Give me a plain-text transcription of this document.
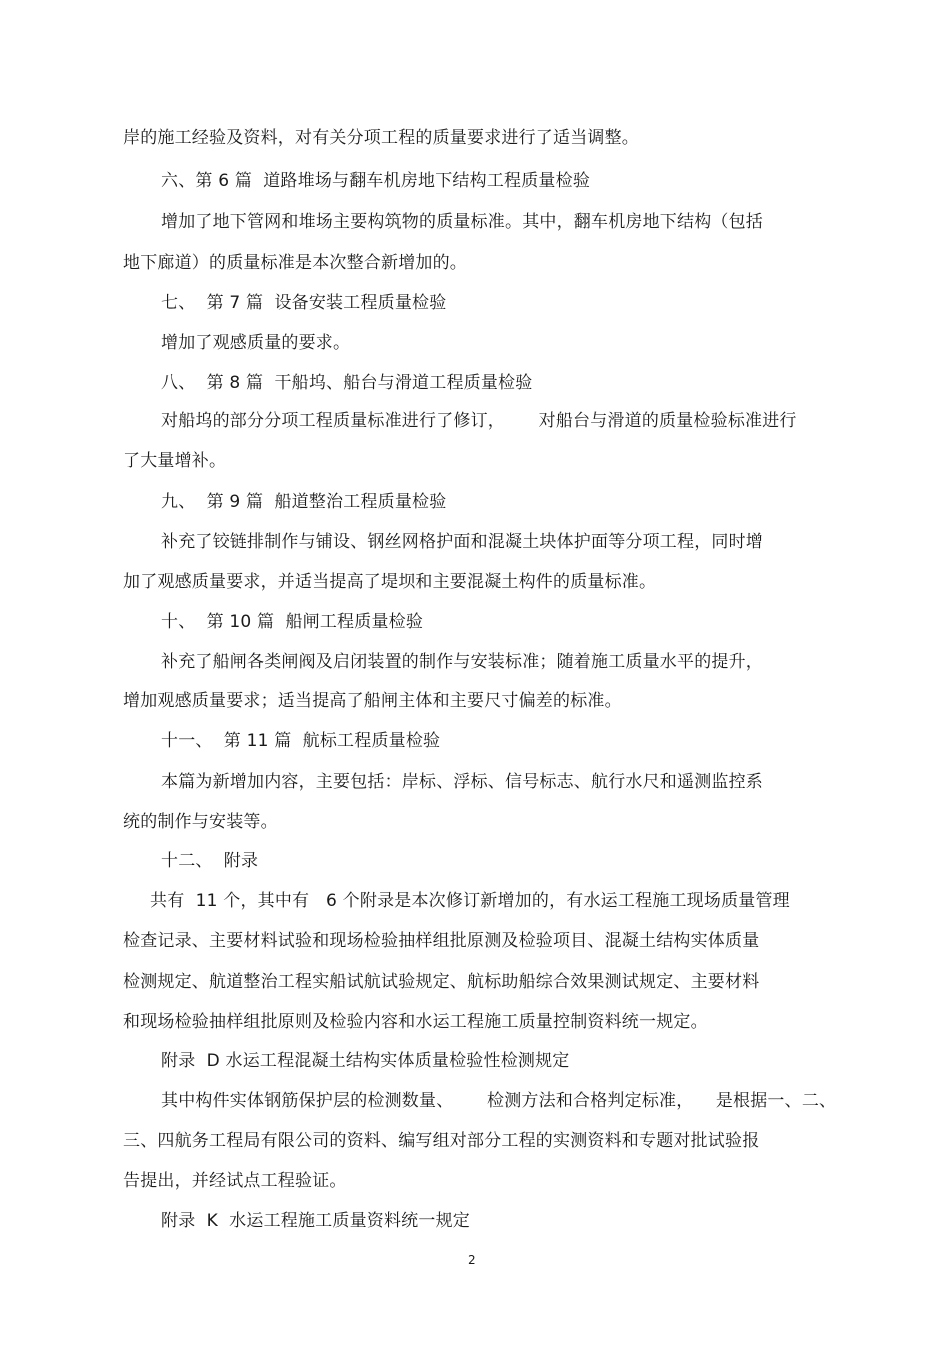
岸的施工经验及资料，对有关分项工程的质量要求进行了适当调整。
六、第 6 篇  道路堆场与翻车机房地下结构工程质量检验
增加了地下管网和堆场主要构筑物的质量标准。其中，翻车机房地下结构（包括
地下廊道）的质量标准是本次整合新增加的。
七、  第 7 篇  设备安装工程质量检验
增加了观感质量的要求。
八、  第 8 篇  干船坞、船台与滑道工程质量检验
对船坞的部分分项工程质量标准进行了修订，      对船台与滑道的质量检验标准进行
了大量增补。
九、  第 9 篇  船道整治工程质量检验
补充了铰链排制作与铺设、钢丝网格护面和混凝土块体护面等分项工程，同时增
加了观感质量要求，并适当提高了堤坝和主要混凝土构件的质量标准。
十、  第 10 篇  船闸工程质量检验
补充了船闸各类闸阀及启闭装置的制作与安装标准；随着施工质量水平的提升，
增加观感质量要求；适当提高了船闸主体和主要尺寸偏差的标准。
十一、  第 11 篇  航标工程质量检验
本篇为新增加内容，主要包括：岸标、浮标、信号标志、航行水尺和遥测监控系
统的制作与安装等。
十二、  附录
共有  11 个，其中有   6 个附录是本次修订新增加的，有水运工程施工现场质量管理
检查记录、主要材料试验和现场检验抽样组批原测及检验项目、混凝土结构实体质量
检测规定、航道整治工程实船试航试验规定、航标助船综合效果测试规定、主要材料
和现场检验抽样组批原则及检验内容和水运工程施工质量控制资料统一规定。
附录  D 水运工程混凝土结构实体质量检验性检测规定
其中构件实体钢筋保护层的检测数量、      检测方法和合格判定标准，    是根据一、二、
三、四航务工程局有限公司的资料、编写组对部分工程的实测资料和专题对批试验报
告提出，并经试点工程验证。
附录  K  水运工程施工质量资料统一规定
2
